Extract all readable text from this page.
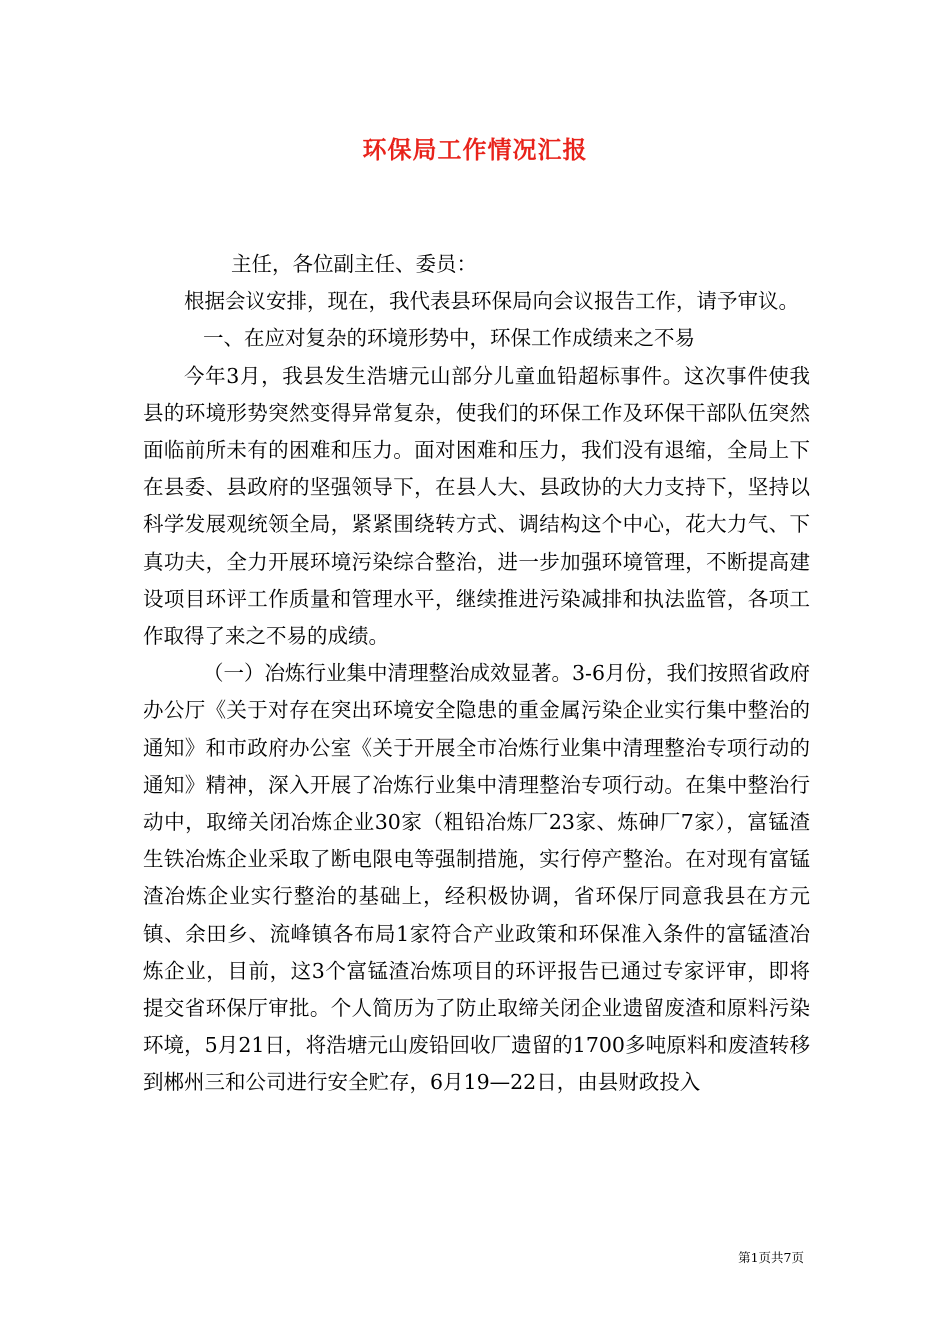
环保局工作情况汇报

主任，各位副主任、委员：

根据会议安排，现在，我代表县环保局向会议报告工作，请予审议。

一、在应对复杂的环境形势中，环保工作成绩来之不易

今年3月，我县发生浩塘元山部分儿童血铅超标事件。这次事件使我县的环境形势突然变得异常复杂，使我们的环保工作及环保干部队伍突然面临前所未有的困难和压力。面对困难和压力，我们没有退缩，全局上下在县委、县政府的坚强领导下，在县人大、县政协的大力支持下，坚持以科学发展观统领全局，紧紧围绕转方式、调结构这个中心，花大力气、下真功夫，全力开展环境污染综合整治，进一步加强环境管理，不断提高建设项目环评工作质量和管理水平，继续推进污染减排和执法监管，各项工作取得了来之不易的成绩。

（一）冶炼行业集中清理整治成效显著。3-6月份，我们按照省政府办公厅《关于对存在突出环境安全隐患的重金属污染企业实行集中整治的通知》和市政府办公室《关于开展全市冶炼行业集中清理整治专项行动的通知》精神，深入开展了冶炼行业集中清理整治专项行动。在集中整治行动中，取缔关闭冶炼企业30家（粗铅冶炼厂23家、炼砷厂7家），富锰渣生铁冶炼企业采取了断电限电等强制措施，实行停产整治。在对现有富锰渣冶炼企业实行整治的基础上，经积极协调，省环保厅同意我县在方元镇、余田乡、流峰镇各布局1家符合产业政策和环保准入条件的富锰渣冶炼企业，目前，这3个富锰渣冶炼项目的环评报告已通过专家评审，即将提交省环保厅审批。个人简历为了防止取缔关闭企业遗留废渣和原料污染环境，5月21日，将浩塘元山废铅回收厂遗留的1700多吨原料和废渣转移到郴州三和公司进行安全贮存，6月19—22日，由县财政投入

第1页共7页
